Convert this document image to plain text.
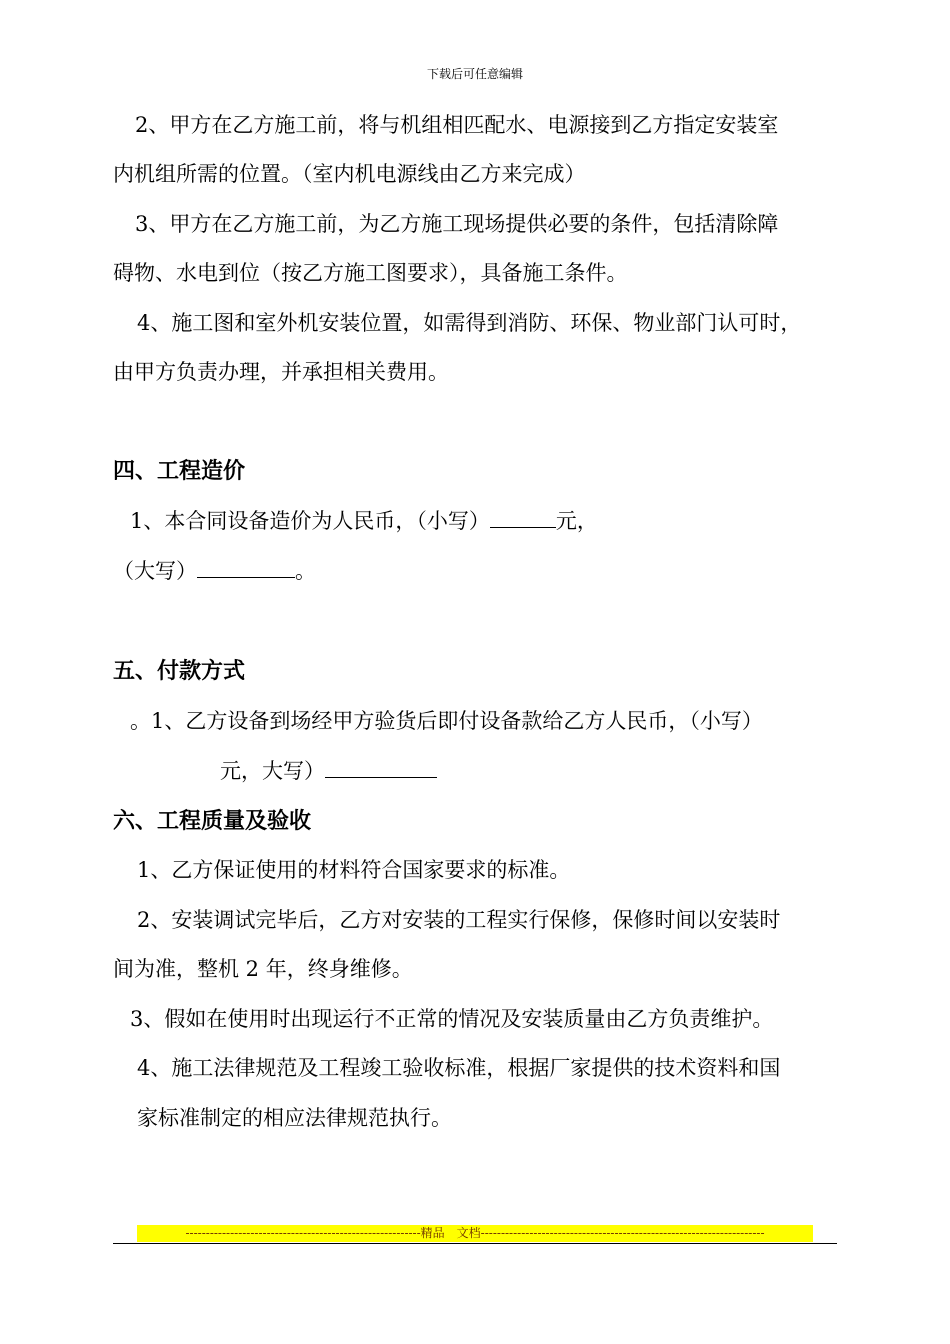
下载后可任意编辑
2、甲方在乙方施工前，将与机组相匹配水、电源接到乙方指定安装室
内机组所需的位置。（室内机电源线由乙方来完成）
3、甲方在乙方施工前，为乙方施工现场提供必要的条件，包括清除障
碍物、水电到位（按乙方施工图要求），具备施工条件。
4、施工图和室外机安装位置，如需得到消防、环保、物业部门认可时，
由甲方负责办理，并承担相关费用。
四、工程造价
1、本合同设备造价为人民币，（小写）	元，
（大写）	。
五、付款方式
。1、乙方设备到场经甲方验货后即付设备款给乙方人民币，（小写）
元，大写）
六、工程质量及验收
1、乙方保证使用的材料符合国家要求的标准。
2、安装调试完毕后，乙方对安装的工程实行保修，保修时间以安装时
间为准，整机 2 年，终身维修。
3、假如在使用时出现运行不正常的情况及安装质量由乙方负责维护。
4、施工法律规范及工程竣工验收标准，根据厂家提供的技术资料和国
家标准制定的相应法律规范执行。
----------------------------------------------------------精品　文档----------------------------------------------------------------------
